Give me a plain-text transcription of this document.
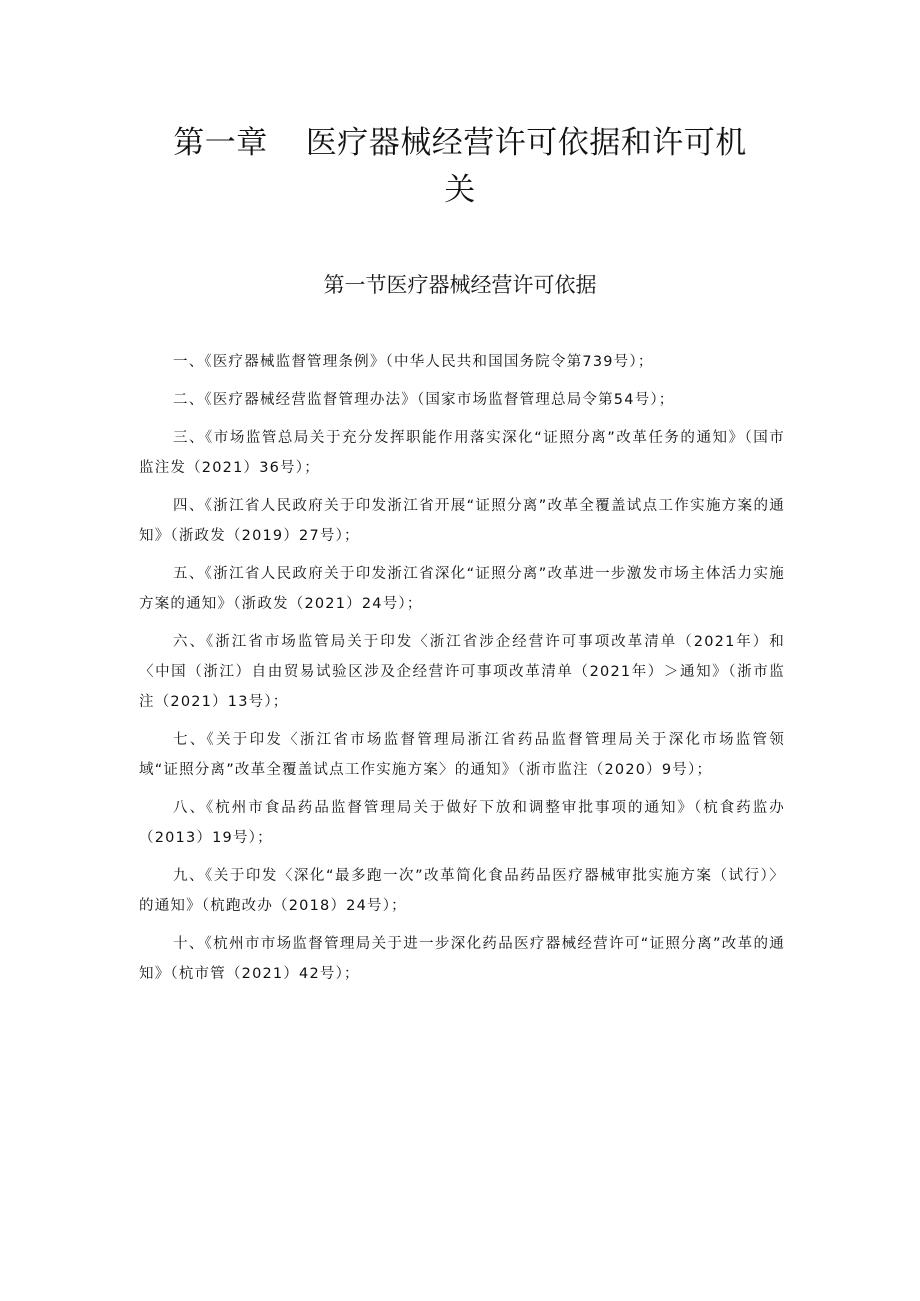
第一章 医疗器械经营许可依据和许可机
关
第一节医疗器械经营许可依据

一、《医疗器械监督管理条例》（中华人民共和国国务院令第739号）；

二、《医疗器械经营监督管理办法》（国家市场监督管理总局令第54号）；

三、《市场监管总局关于充分发挥职能作用落实深化“证照分离”改革任务的通知》（国市监注发（2021）36号）；

四、《浙江省人民政府关于印发浙江省开展“证照分离”改革全覆盖试点工作实施方案的通知》（浙政发（2019）27号）；

五、《浙江省人民政府关于印发浙江省深化“证照分离”改革进一步激发市场主体活力实施方案的通知》（浙政发（2021）24号）；

六、《浙江省市场监管局关于印发〈浙江省涉企经营许可事项改革清单（2021年）和〈中国（浙江）自由贸易试验区涉及企经营许可事项改革清单（2021年）＞通知》（浙市监注（2021）13号）；

七、《关于印发〈浙江省市场监督管理局浙江省药品监督管理局关于深化市场监管领域“证照分离”改革全覆盖试点工作实施方案〉的通知》（浙市监注（2020）9号）；

八、《杭州市食品药品监督管理局关于做好下放和调整审批事项的通知》（杭食药监办（2013）19号）；

九、《关于印发〈深化“最多跑一次”改革简化食品药品医疗器械审批实施方案（试行）〉的通知》（杭跑改办（2018）24号）；

十、《杭州市市场监督管理局关于进一步深化药品医疗器械经营许可“证照分离”改革的通知》（杭市管（2021）42号）；
